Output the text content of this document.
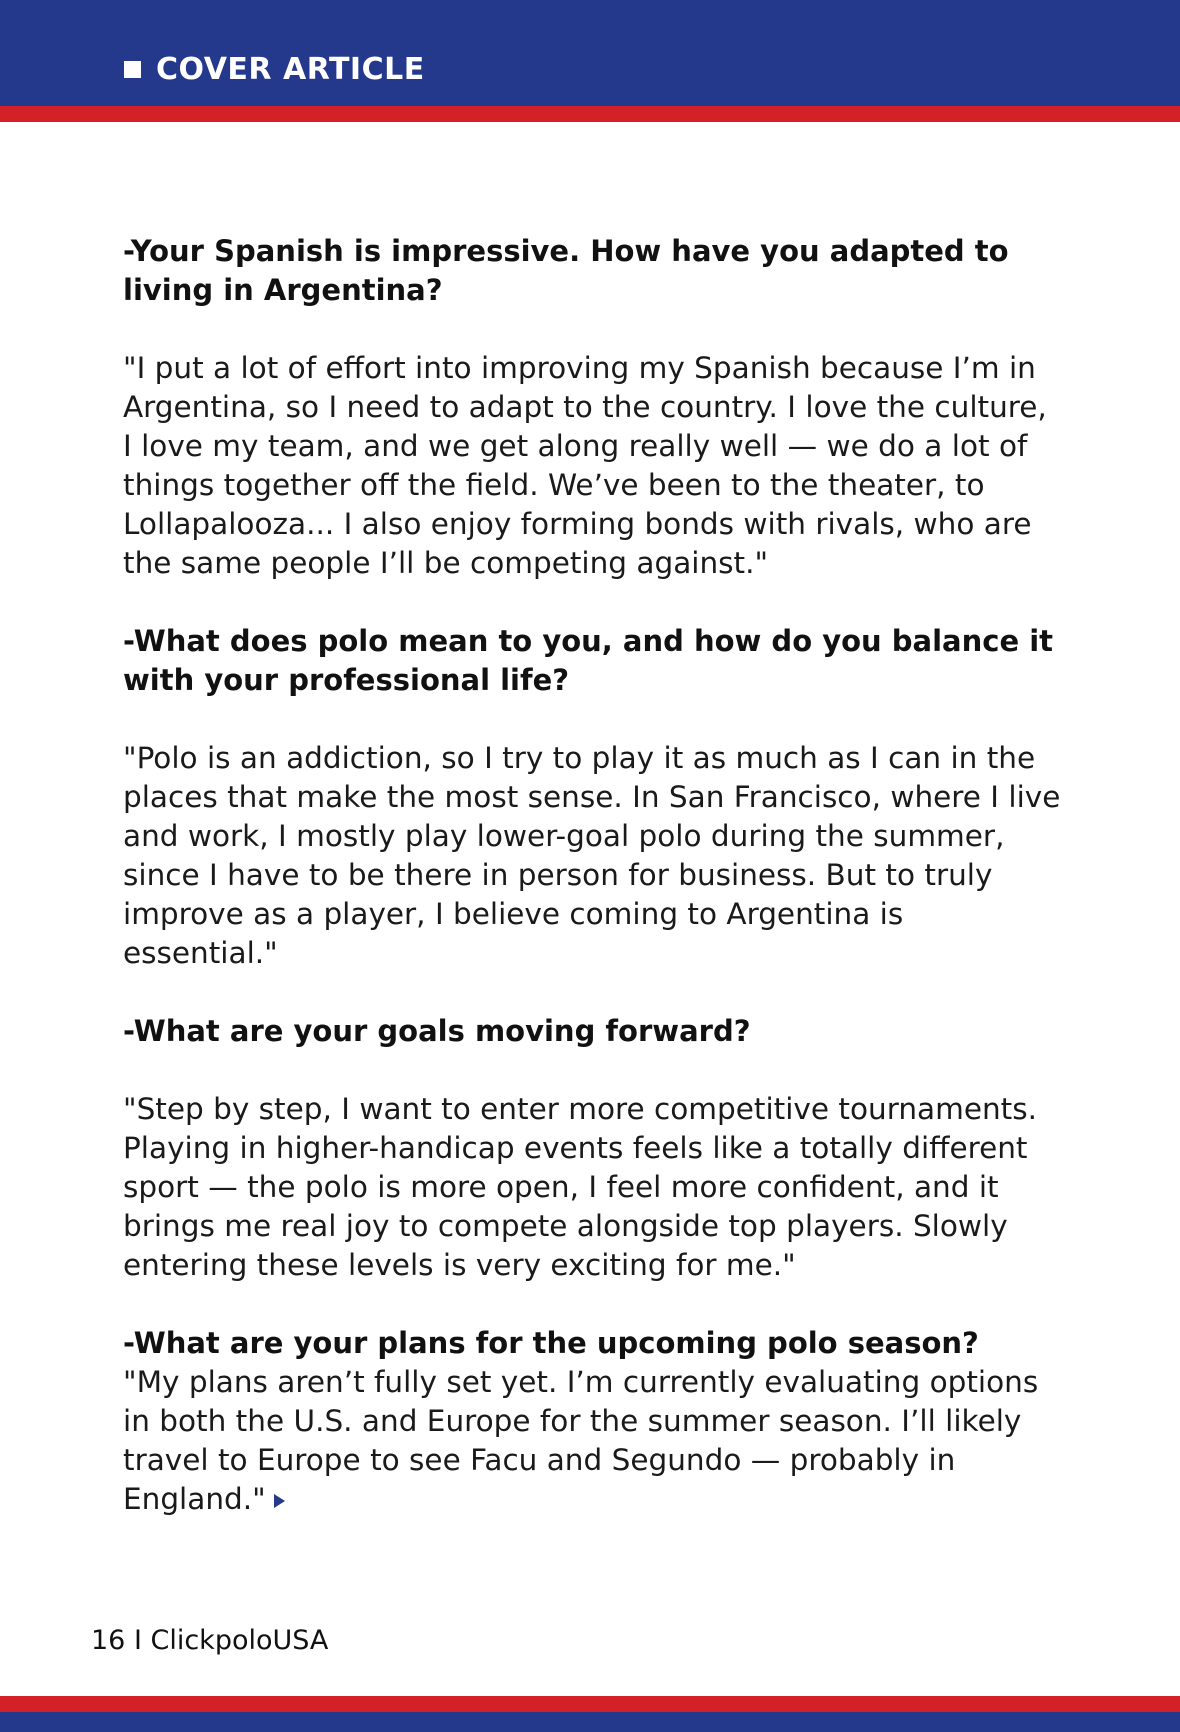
COVER ARTICLE

-Your Spanish is impressive. How have you adapted to
living in Argentina?

"I put a lot of effort into improving my Spanish because I’m in
Argentina, so I need to adapt to the country. I love the culture,
I love my team, and we get along really well — we do a lot of
things together off the field. We’ve been to the theater, to
Lollapalooza... I also enjoy forming bonds with rivals, who are
the same people I’ll be competing against."

-What does polo mean to you, and how do you balance it
with your professional life?

"Polo is an addiction, so I try to play it as much as I can in the
places that make the most sense. In San Francisco, where I live
and work, I mostly play lower-goal polo during the summer,
since I have to be there in person for business. But to truly
improve as a player, I believe coming to Argentina is
essential."

-What are your goals moving forward?

"Step by step, I want to enter more competitive tournaments.
Playing in higher-handicap events feels like a totally different
sport — the polo is more open, I feel more confident, and it
brings me real joy to compete alongside top players. Slowly
entering these levels is very exciting for me."

-What are your plans for the upcoming polo season?

"My plans aren’t fully set yet. I’m currently evaluating options
in both the U.S. and Europe for the summer season. I’ll likely
travel to Europe to see Facu and Segundo — probably in
England."
16 I ClickpoloUSA
